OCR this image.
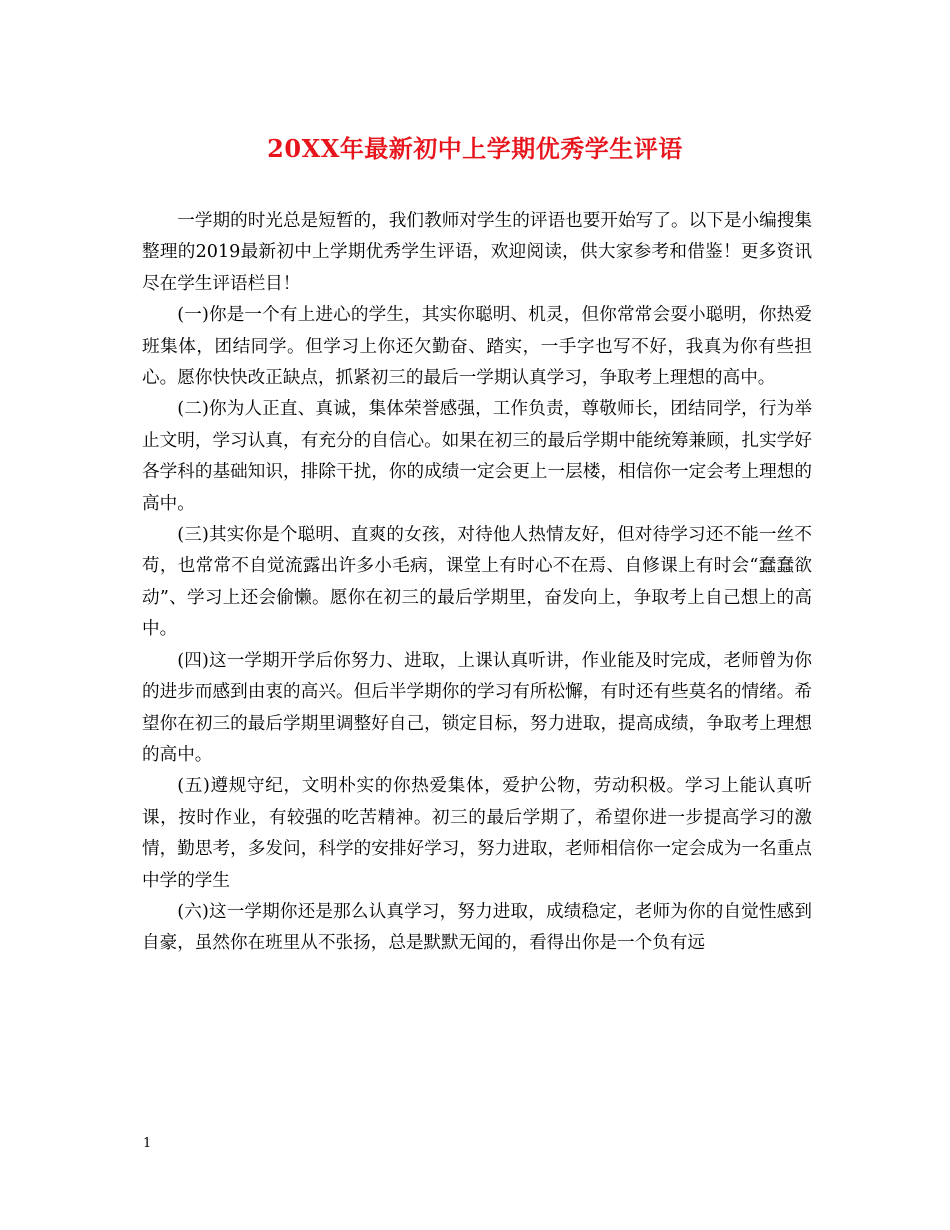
20XX年最新初中上学期优秀学生评语

一学期的时光总是短暂的，我们教师对学生的评语也要开始写了。以下是小编搜集整理的2019最新初中上学期优秀学生评语，欢迎阅读，供大家参考和借鉴！更多资讯尽在学生评语栏目！

(一)你是一个有上进心的学生，其实你聪明、机灵，但你常常会耍小聪明，你热爱班集体，团结同学。但学习上你还欠勤奋、踏实，一手字也写不好，我真为你有些担心。愿你快快改正缺点，抓紧初三的最后一学期认真学习，争取考上理想的高中。

(二)你为人正直、真诚，集体荣誉感强，工作负责，尊敬师长，团结同学，行为举止文明，学习认真，有充分的自信心。如果在初三的最后学期中能统筹兼顾，扎实学好各学科的基础知识，排除干扰，你的成绩一定会更上一层楼，相信你一定会考上理想的高中。

(三)其实你是个聪明、直爽的女孩，对待他人热情友好，但对待学习还不能一丝不苟，也常常不自觉流露出许多小毛病，课堂上有时心不在焉、自修课上有时会“蠢蠢欲动”、学习上还会偷懒。愿你在初三的最后学期里，奋发向上，争取考上自己想上的高中。

(四)这一学期开学后你努力、进取，上课认真听讲，作业能及时完成，老师曾为你的进步而感到由衷的高兴。但后半学期你的学习有所松懈，有时还有些莫名的情绪。希望你在初三的最后学期里调整好自己，锁定目标，努力进取，提高成绩，争取考上理想的高中。

(五)遵规守纪，文明朴实的你热爱集体，爱护公物，劳动积极。学习上能认真听课，按时作业，有较强的吃苦精神。初三的最后学期了，希望你进一步提高学习的激情，勤思考，多发问，科学的安排好学习，努力进取，老师相信你一定会成为一名重点中学的学生

(六)这一学期你还是那么认真学习，努力进取，成绩稳定，老师为你的自觉性感到自豪，虽然你在班里从不张扬，总是默默无闻的，看得出你是一个负有远

1
